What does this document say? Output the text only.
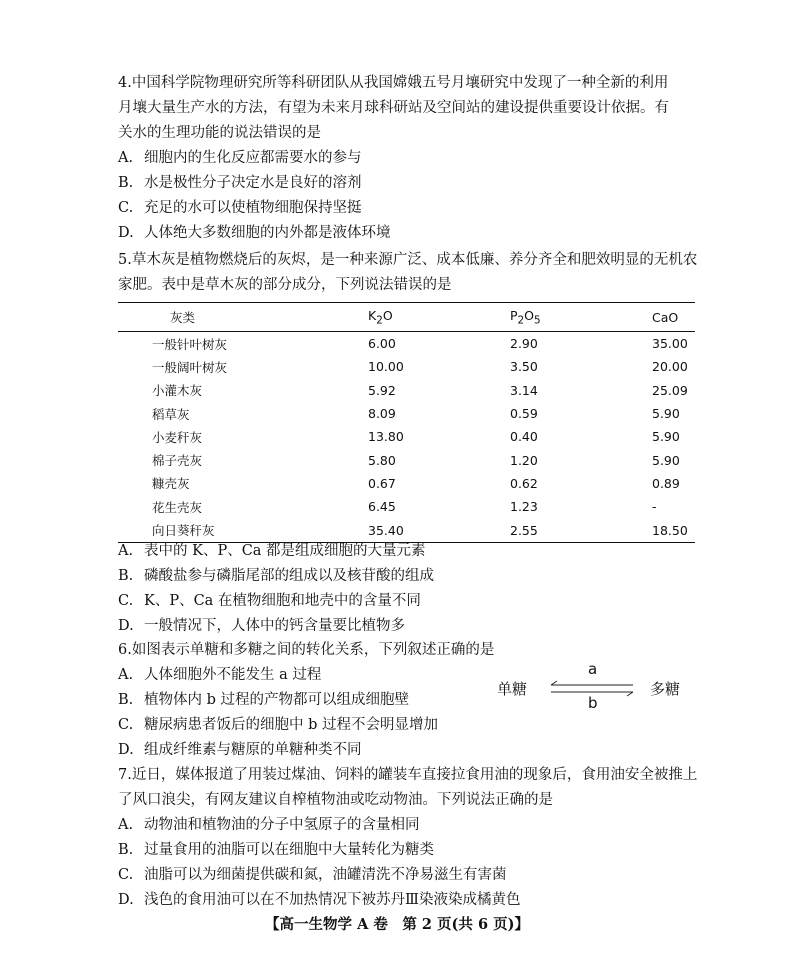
4.中国科学院物理研究所等科研团队从我国嫦娥五号月壤研究中发现了一种全新的利用
月壤大量生产水的方法，有望为未来月球科研站及空间站的建设提供重要设计依据。有
关水的生理功能的说法错误的是
A. 细胞内的生化反应都需要水的参与
B. 水是极性分子决定水是良好的溶剂
C. 充足的水可以使植物细胞保持坚挺
D. 人体绝大多数细胞的内外都是液体环境
5.草木灰是植物燃烧后的灰烬，是一种来源广泛、成本低廉、养分齐全和肥效明显的无机农
家肥。表中是草木灰的部分成分，下列说法错误的是
灰类	$K_2O$	$P_2O_5$	CaO
一般针叶树灰	6.00	2.90	35.00
一般阔叶树灰	10.00	3.50	20.00
小灌木灰	5.92	3.14	25.09
稻草灰	8.09	0.59	5.90
小麦秆灰	13.80	0.40	5.90
棉子壳灰	5.80	1.20	5.90
糠壳灰	0.67	0.62	0.89
花生壳灰	6.45	1.23	-
向日葵秆灰	35.40	2.55	18.50
A. 表中的 K、P、Ca 都是组成细胞的大量元素
B. 磷酸盐参与磷脂尾部的组成以及核苷酸的组成
C. K、P、Ca 在植物细胞和地壳中的含量不同
D. 一般情况下，人体中的钙含量要比植物多
6.如图表示单糖和多糖之间的转化关系，下列叙述正确的是
A. 人体细胞外不能发生 a 过程
B. 植物体内 b 过程的产物都可以组成细胞壁
C. 糖尿病患者饭后的细胞中 b 过程不会明显增加
D. 组成纤维素与糖原的单糖种类不同
单糖
a
b
多糖
7.近日，媒体报道了用装过煤油、饲料的罐装车直接拉食用油的现象后，食用油安全被推上
了风口浪尖，有网友建议自榨植物油或吃动物油。下列说法正确的是
A. 动物油和植物油的分子中氢原子的含量相同
B. 过量食用的油脂可以在细胞中大量转化为糖类
C. 油脂可以为细菌提供碳和氮，油罐清洗不净易滋生有害菌
D. 浅色的食用油可以在不加热情况下被苏丹Ⅲ染液染成橘黄色
【高一生物学 A 卷　第 2 页(共 6 页)】
